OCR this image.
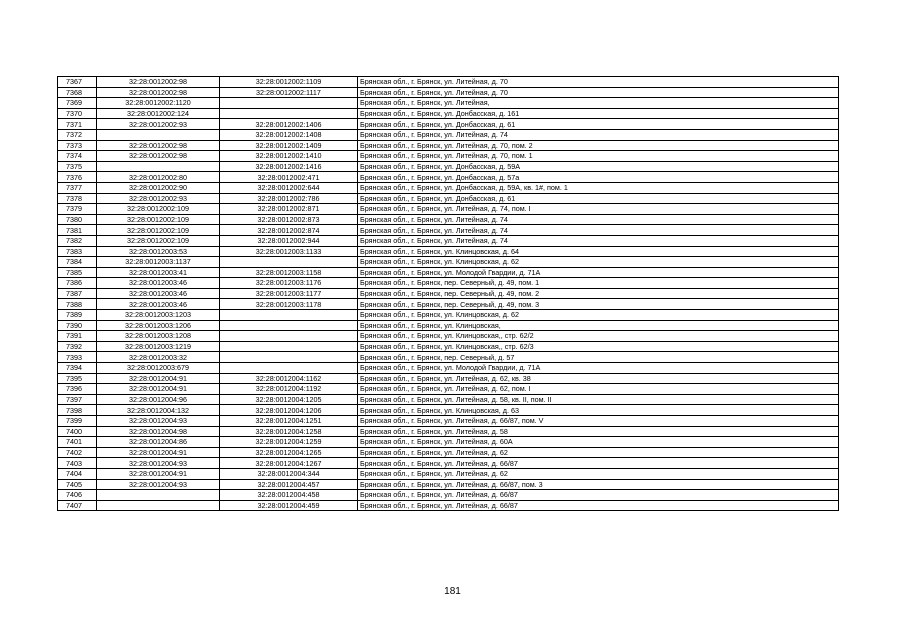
7367	32:28:0012002:98	32:28:0012002:1109	Брянская обл., г. Брянск, ул. Литейная, д. 70
7368	32:28:0012002:98	32:28:0012002:1117	Брянская обл., г. Брянск, ул. Литейная, д. 70
7369	32:28:0012002:1120		Брянская обл., г. Брянск, ул. Литейная,
7370	32:28:0012002:124		Брянская обл., г. Брянск, ул. Донбасская, д. 161
7371	32:28:0012002:93	32:28:0012002:1406	Брянская обл., г. Брянск, ул. Донбасская, д. 61
7372		32:28:0012002:1408	Брянская обл., г. Брянск, ул. Литейная, д. 74
7373	32:28:0012002:98	32:28:0012002:1409	Брянская обл., г. Брянск, ул. Литейная, д. 70, пом. 2
7374	32:28:0012002:98	32:28:0012002:1410	Брянская обл., г. Брянск, ул. Литейная, д. 70, пом. 1
7375		32:28:0012002:1416	Брянская обл., г. Брянск, ул. Донбасская, д. 59А
7376	32:28:0012002:80	32:28:0012002:471	Брянская обл., г. Брянск, ул. Донбасская, д. 57а
7377	32:28:0012002:90	32:28:0012002:644	Брянская обл., г. Брянск, ул. Донбасская, д. 59А, кв. 1#, пом. 1
7378	32:28:0012002:93	32:28:0012002:786	Брянская обл., г. Брянск, ул. Донбасская, д. 61
7379	32:28:0012002:109	32:28:0012002:871	Брянская обл., г. Брянск, ул. Литейная, д. 74, пом. I
7380	32:28:0012002:109	32:28:0012002:873	Брянская обл., г. Брянск, ул. Литейная, д. 74
7381	32:28:0012002:109	32:28:0012002:874	Брянская обл., г. Брянск, ул. Литейная, д. 74
7382	32:28:0012002:109	32:28:0012002:944	Брянская обл., г. Брянск, ул. Литейная, д. 74
7383	32:28:0012003:53	32:28:0012003:1133	Брянская обл., г. Брянск, ул. Клинцовская, д. 64
7384	32:28:0012003:1137		Брянская обл., г. Брянск, ул. Клинцовская, д. 62
7385	32:28:0012003:41	32:28:0012003:1158	Брянская обл., г. Брянск, ул. Молодой Гвардии, д. 71А
7386	32:28:0012003:46	32:28:0012003:1176	Брянская обл., г. Брянск, пер. Северный, д. 49, пом. 1
7387	32:28:0012003:46	32:28:0012003:1177	Брянская обл., г. Брянск, пер. Северный, д. 49, пом. 2
7388	32:28:0012003:46	32:28:0012003:1178	Брянская обл., г. Брянск, пер. Северный, д. 49, пом. 3
7389	32:28:0012003:1203		Брянская обл., г. Брянск, ул. Клинцовская, д. 62
7390	32:28:0012003:1206		Брянская обл., г. Брянск, ул. Клинцовская,
7391	32:28:0012003:1208		Брянская обл., г. Брянск, ул. Клинцовская,, стр. 62/2
7392	32:28:0012003:1219		Брянская обл., г. Брянск, ул. Клинцовская,, стр. 62/3
7393	32:28:0012003:32		Брянская обл., г. Брянск, пер. Северный, д. 57
7394	32:28:0012003:679		Брянская обл., г. Брянск, ул. Молодой Гвардии, д. 71А
7395	32:28:0012004:91	32:28:0012004:1162	Брянская обл., г. Брянск, ул. Литейная, д. 62, кв. 38
7396	32:28:0012004:91	32:28:0012004:1192	Брянская обл., г. Брянск, ул. Литейная, д. 62, пом. I
7397	32:28:0012004:96	32:28:0012004:1205	Брянская обл., г. Брянск, ул. Литейная, д. 58, кв. II, пом. II
7398	32:28:0012004:132	32:28:0012004:1206	Брянская обл., г. Брянск, ул. Клинцовская, д. 63
7399	32:28:0012004:93	32:28:0012004:1251	Брянская обл., г. Брянск, ул. Литейная, д. 66/87, пом. V
7400	32:28:0012004:98	32:28:0012004:1258	Брянская обл., г. Брянск, ул. Литейная, д. 58
7401	32:28:0012004:86	32:28:0012004:1259	Брянская обл., г. Брянск, ул. Литейная, д. 60А
7402	32:28:0012004:91	32:28:0012004:1265	Брянская обл., г. Брянск, ул. Литейная, д. 62
7403	32:28:0012004:93	32:28:0012004:1267	Брянская обл., г. Брянск, ул. Литейная, д. 66/87
7404	32:28:0012004:91	32:28:0012004:344	Брянская обл., г. Брянск, ул. Литейная, д. 62
7405	32:28:0012004:93	32:28:0012004:457	Брянская обл., г. Брянск, ул. Литейная, д. 66/87, пом. 3
7406		32:28:0012004:458	Брянская обл., г. Брянск, ул. Литейная, д. 66/87
7407		32:28:0012004:459	Брянская обл., г. Брянск, ул. Литейная, д. 66/87
181
